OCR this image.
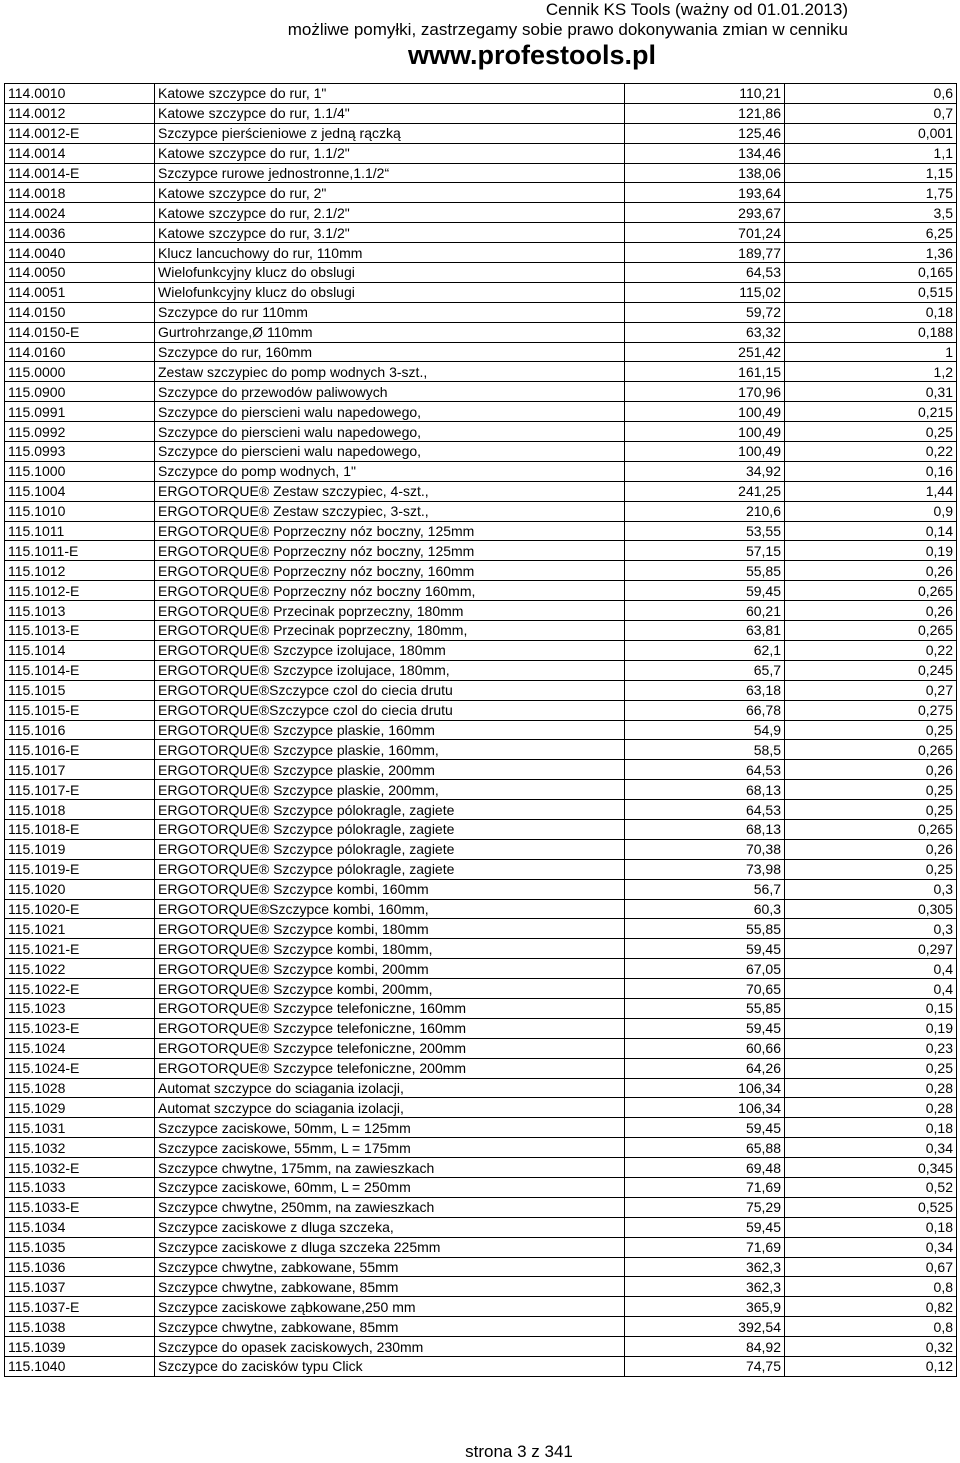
Cennik KS Tools (ważny od 01.01.2013)
możliwe pomyłki, zastrzegamy sobie prawo dokonywania zmian w cenniku
www.profestools.pl
114.0010	Katowe szczypce do rur, 1"	110,21	0,6
114.0012	Katowe szczypce do rur, 1.1/4"	121,86	0,7
114.0012-E	Szczypce pierścieniowe z jedną rączką	125,46	0,001
114.0014	Katowe szczypce do rur, 1.1/2"	134,46	1,1
114.0014-E	Szczypce rurowe jednostronne,1.1/2“	138,06	1,15
114.0018	Katowe szczypce do rur, 2"	193,64	1,75
114.0024	Katowe szczypce do rur, 2.1/2"	293,67	3,5
114.0036	Katowe szczypce do rur, 3.1/2"	701,24	6,25
114.0040	Klucz lancuchowy do rur, 110mm	189,77	1,36
114.0050	Wielofunkcyjny klucz do obslugi	64,53	0,165
114.0051	Wielofunkcyjny klucz do obslugi	115,02	0,515
114.0150	Szczypce do rur 110mm	59,72	0,18
114.0150-E	Gurtrohrzange,Ø 110mm	63,32	0,188
114.0160	Szczypce do rur, 160mm	251,42	1
115.0000	Zestaw szczypiec do pomp wodnych 3-szt.,	161,15	1,2
115.0900	Szczypce do przewodów paliwowych	170,96	0,31
115.0991	Szczypce do pierscieni walu napedowego,	100,49	0,215
115.0992	Szczypce do pierscieni walu napedowego,	100,49	0,25
115.0993	Szczypce do pierscieni walu napedowego,	100,49	0,22
115.1000	Szczypce do pomp wodnych, 1"	34,92	0,16
115.1004	ERGOTORQUE® Zestaw szczypiec, 4-szt.,	241,25	1,44
115.1010	ERGOTORQUE® Zestaw szczypiec, 3-szt.,	210,6	0,9
115.1011	ERGOTORQUE® Poprzeczny nóz boczny, 125mm	53,55	0,14
115.1011-E	ERGOTORQUE® Poprzeczny nóz boczny, 125mm	57,15	0,19
115.1012	ERGOTORQUE® Poprzeczny nóz boczny, 160mm	55,85	0,26
115.1012-E	ERGOTORQUE® Poprzeczny nóz boczny 160mm,	59,45	0,265
115.1013	ERGOTORQUE® Przecinak poprzeczny, 180mm	60,21	0,26
115.1013-E	ERGOTORQUE® Przecinak poprzeczny, 180mm,	63,81	0,265
115.1014	ERGOTORQUE® Szczypce izolujace, 180mm	62,1	0,22
115.1014-E	ERGOTORQUE® Szczypce izolujace, 180mm,	65,7	0,245
115.1015	ERGOTORQUE®Szczypce czol do ciecia drutu	63,18	0,27
115.1015-E	ERGOTORQUE®Szczypce czol do ciecia drutu	66,78	0,275
115.1016	ERGOTORQUE® Szczypce plaskie, 160mm	54,9	0,25
115.1016-E	ERGOTORQUE® Szczypce plaskie, 160mm,	58,5	0,265
115.1017	ERGOTORQUE® Szczypce plaskie, 200mm	64,53	0,26
115.1017-E	ERGOTORQUE® Szczypce plaskie, 200mm,	68,13	0,25
115.1018	ERGOTORQUE® Szczypce pólokragle, zagiete	64,53	0,25
115.1018-E	ERGOTORQUE® Szczypce pólokragle, zagiete	68,13	0,265
115.1019	ERGOTORQUE® Szczypce pólokragle, zagiete	70,38	0,26
115.1019-E	ERGOTORQUE® Szczypce pólokragle, zagiete	73,98	0,25
115.1020	ERGOTORQUE® Szczypce kombi, 160mm	56,7	0,3
115.1020-E	ERGOTORQUE®Szczypce kombi, 160mm,	60,3	0,305
115.1021	ERGOTORQUE® Szczypce kombi, 180mm	55,85	0,3
115.1021-E	ERGOTORQUE® Szczypce kombi, 180mm,	59,45	0,297
115.1022	ERGOTORQUE® Szczypce kombi, 200mm	67,05	0,4
115.1022-E	ERGOTORQUE® Szczypce kombi, 200mm,	70,65	0,4
115.1023	ERGOTORQUE® Szczypce telefoniczne, 160mm	55,85	0,15
115.1023-E	ERGOTORQUE® Szczypce telefoniczne, 160mm	59,45	0,19
115.1024	ERGOTORQUE® Szczypce telefoniczne, 200mm	60,66	0,23
115.1024-E	ERGOTORQUE® Szczypce telefoniczne, 200mm	64,26	0,25
115.1028	Automat szczypce do sciagania izolacji,	106,34	0,28
115.1029	Automat szczypce do sciagania izolacji,	106,34	0,28
115.1031	Szczypce zaciskowe, 50mm, L = 125mm	59,45	0,18
115.1032	Szczypce zaciskowe, 55mm, L = 175mm	65,88	0,34
115.1032-E	Szczypce chwytne, 175mm, na zawieszkach	69,48	0,345
115.1033	Szczypce zaciskowe, 60mm, L = 250mm	71,69	0,52
115.1033-E	Szczypce chwytne, 250mm, na zawieszkach	75,29	0,525
115.1034	Szczypce zaciskowe z dluga szczeka,	59,45	0,18
115.1035	Szczypce zaciskowe z dluga szczeka 225mm	71,69	0,34
115.1036	Szczypce chwytne, zabkowane, 55mm	362,3	0,67
115.1037	Szczypce chwytne, zabkowane, 85mm	362,3	0,8
115.1037-E	Szczypce zaciskowe ząbkowane,250 mm	365,9	0,82
115.1038	Szczypce chwytne, zabkowane, 85mm	392,54	0,8
115.1039	Szczypce do opasek zaciskowych, 230mm	84,92	0,32
115.1040	Szczypce do zacisków typu Click	74,75	0,12
strona 3 z 341
